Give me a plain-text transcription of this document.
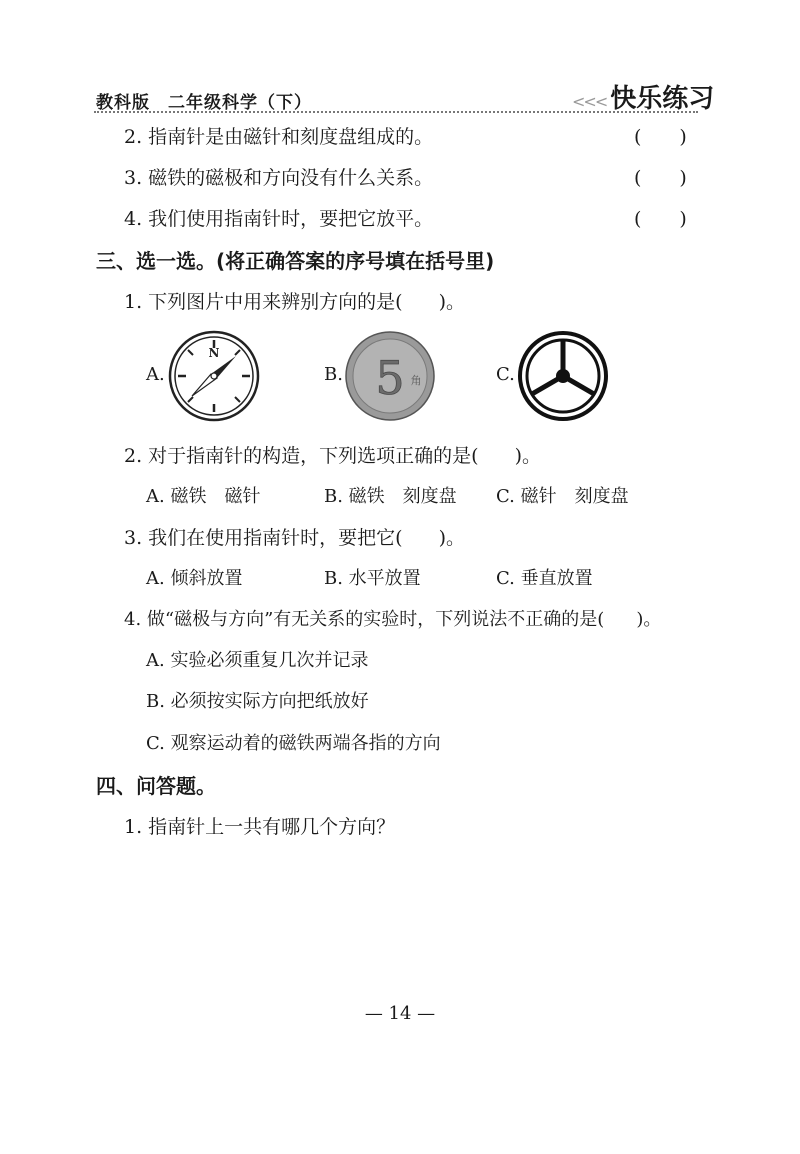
教科版　二年级科学（下）	<<< 快乐练习
2. 指南针是由磁针和刻度盘组成的。	(　　)
3. 磁铁的磁极和方向没有什么关系。	(　　)
4. 我们使用指南针时，要把它放平。	(　　)
三、选一选。(将正确答案的序号填在括号里)
1. 下列图片中用来辨别方向的是( )。
A.
N
B. 5 角	C.
2. 对于指南针的构造，下列选项正确的是( )。
A. 磁铁　磁针	B. 磁铁　刻度盘 C. 磁针　刻度盘
3. 我们在使用指南针时，要把它( )。
A. 倾斜放置	B. 水平放置	C. 垂直放置
4. 做“磁极与方向”有无关系的实验时，下列说法不正确的是( )。
A. 实验必须重复几次并记录
B. 必须按实际方向把纸放好
C. 观察运动着的磁铁两端各指的方向
四、问答题。
1. 指南针上一共有哪几个方向？
— 14 —
